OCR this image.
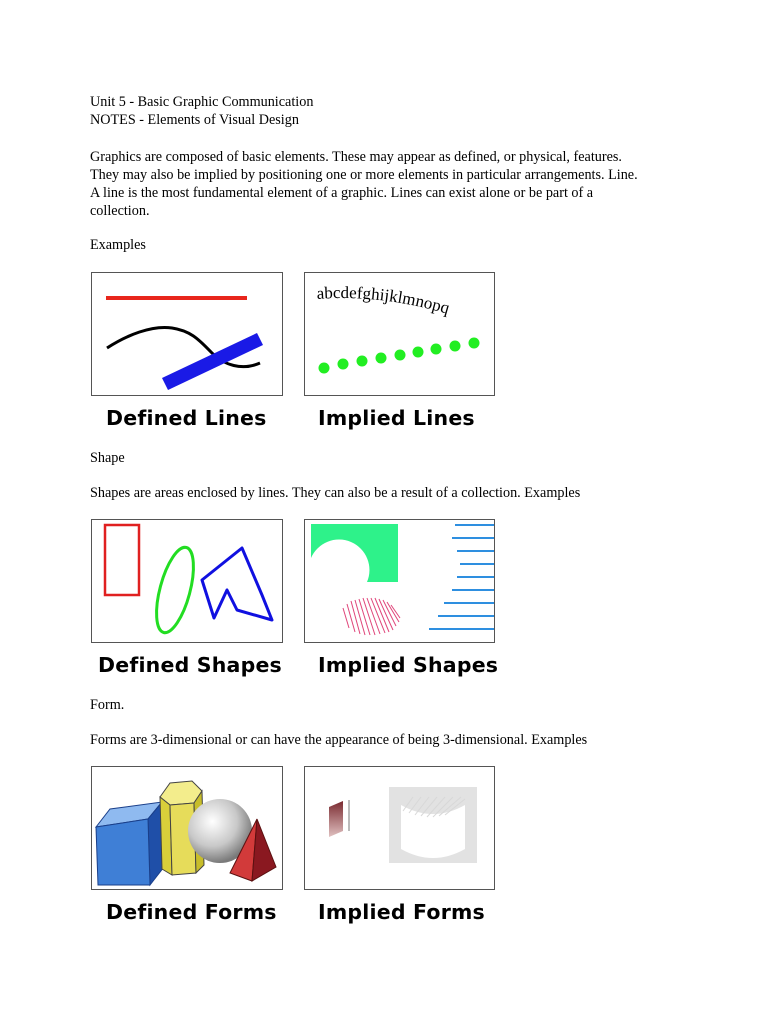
Unit 5 - Basic Graphic Communication
NOTES - Elements of Visual Design
Graphics are composed of basic elements. These may appear as defined, or physical, features.
They may also be implied by positioning one or more elements in particular arrangements. Line.
A line is the most fundamental element of a graphic. Lines can exist alone or be part of a
collection.
Examples
abcdefghijklmnopq
Defined Lines	Implied Lines
Shape
Shapes are areas enclosed by lines. They can also be a result of a collection. Examples
Defined Shapes Implied Shapes
Form.
Forms are 3-dimensional or can have the appearance of being 3-dimensional. Examples
Defined Forms Implied Forms
